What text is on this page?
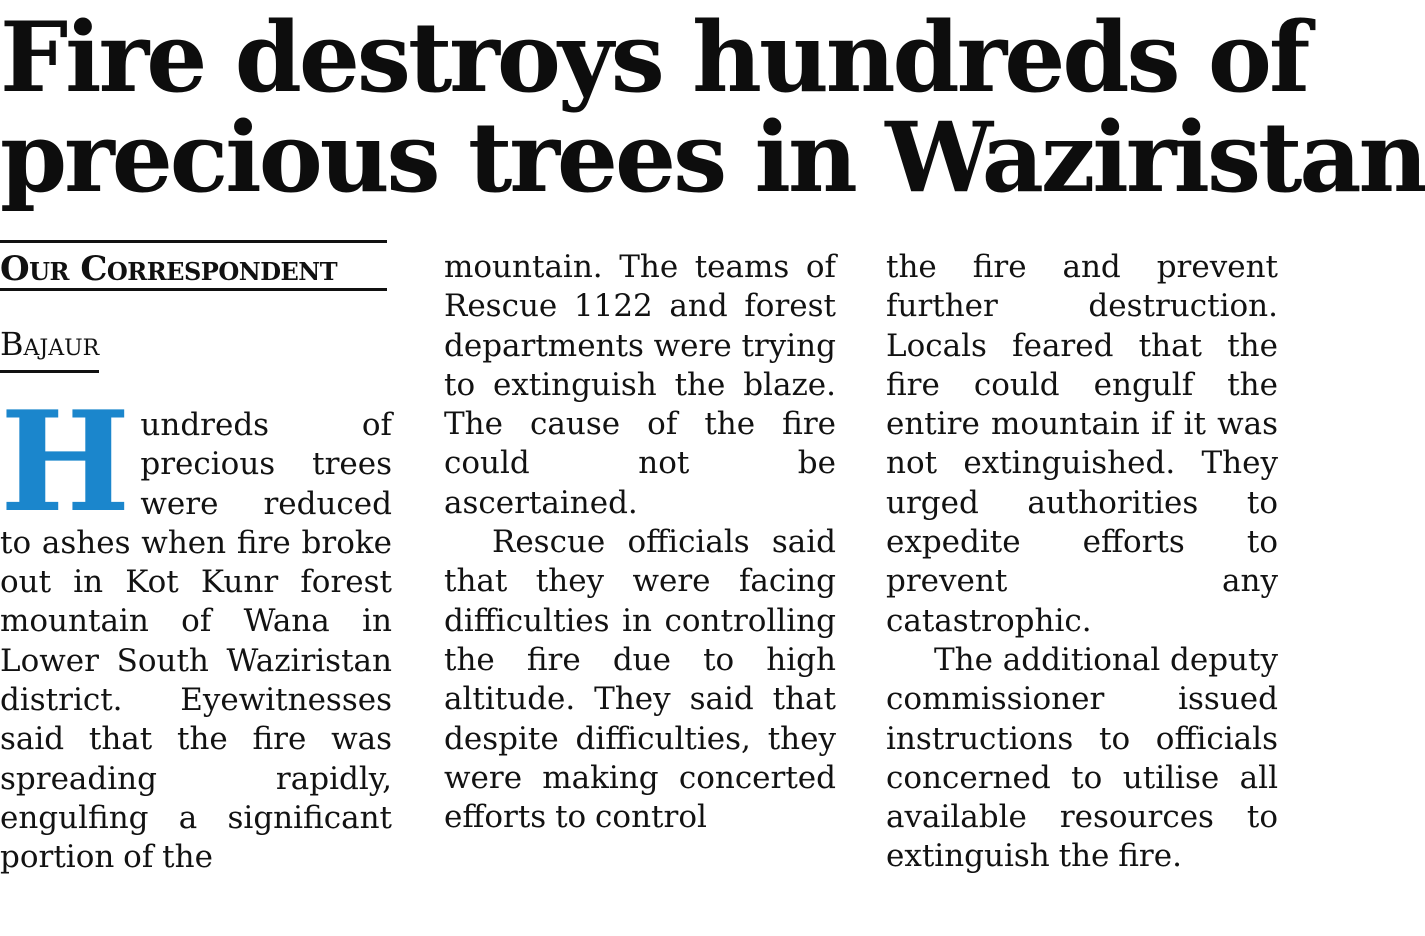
Fire destroys hundreds of
precious trees in Waziristan
Our Correspondent
Bajaur
H undreds of precious trees were reduced to ashes when fire broke out in Kot Kunr forest mountain of Wana in Lower South Waziristan district. Eyewitnesses said that the fire was spreading rapidly, engulfing a significant portion of the

mountain. The teams of Rescue 1122 and forest departments were trying to extinguish the blaze. The cause of the fire could not be ascertained.

Rescue officials said that they were facing difficulties in controlling the fire due to high altitude. They said that despite difficulties, they were making concerted efforts to control

the fire and prevent further destruction. Locals feared that the fire could engulf the entire mountain if it was not extinguished. They urged authorities to expedite efforts to prevent any catastrophic.

The additional deputy commissioner issued instructions to officials concerned to utilise all available resources to extinguish the fire.
